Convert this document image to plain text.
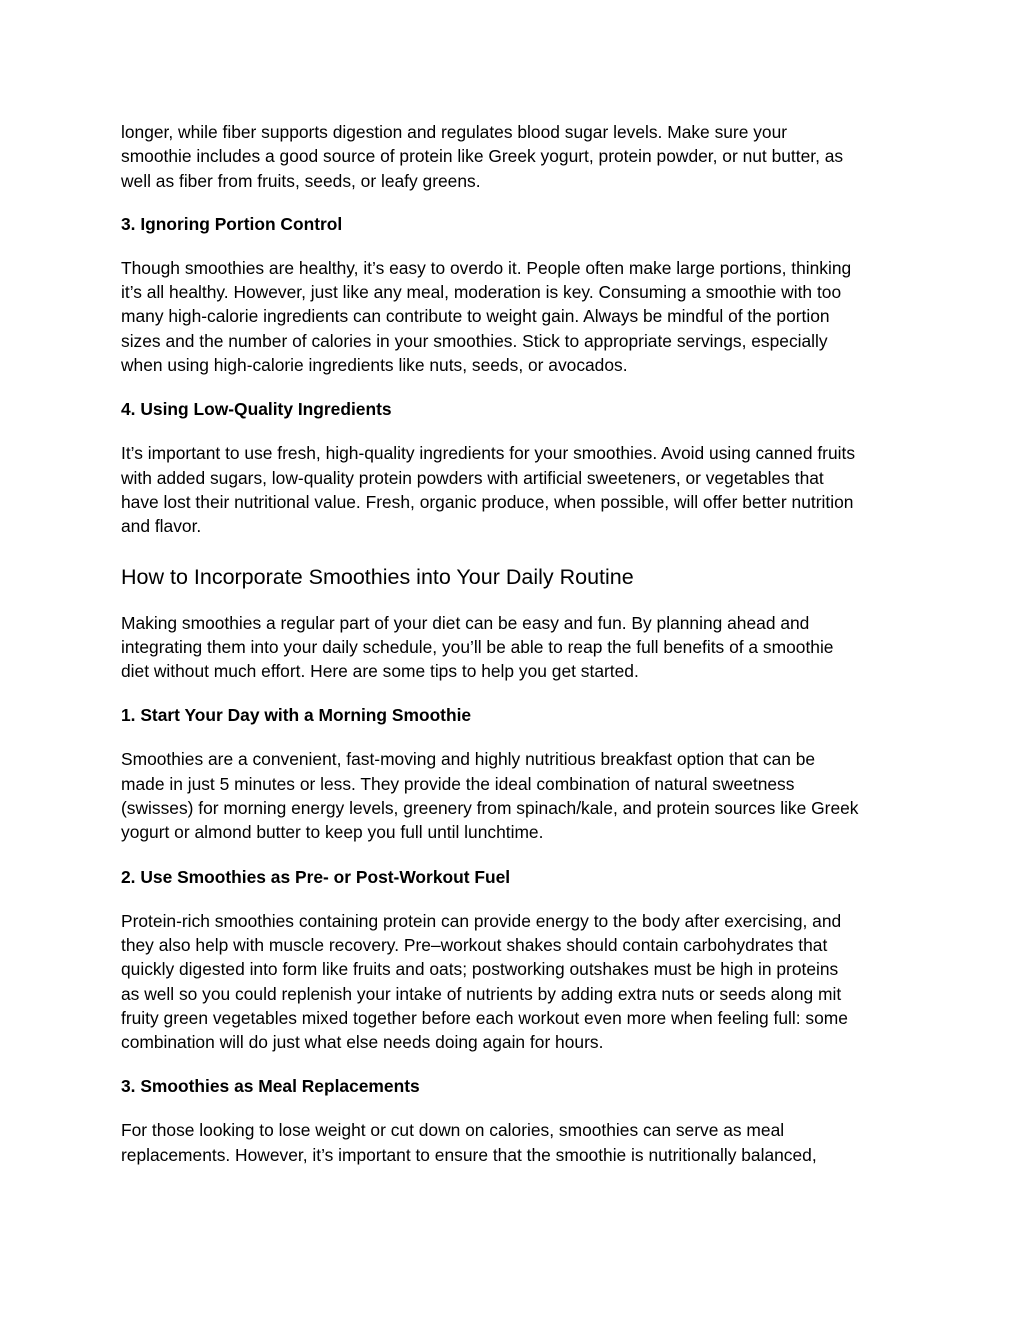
longer, while fiber supports digestion and regulates blood sugar levels. Make sure your
smoothie includes a good source of protein like Greek yogurt, protein powder, or nut butter, as
well as fiber from fruits, seeds, or leafy greens.

3. Ignoring Portion Control

Though smoothies are healthy, it’s easy to overdo it. People often make large portions, thinking
it’s all healthy. However, just like any meal, moderation is key. Consuming a smoothie with too
many high-calorie ingredients can contribute to weight gain. Always be mindful of the portion
sizes and the number of calories in your smoothies. Stick to appropriate servings, especially
when using high-calorie ingredients like nuts, seeds, or avocados.

4. Using Low-Quality Ingredients

It’s important to use fresh, high-quality ingredients for your smoothies. Avoid using canned fruits
with added sugars, low-quality protein powders with artificial sweeteners, or vegetables that
have lost their nutritional value. Fresh, organic produce, when possible, will offer better nutrition
and flavor.

How to Incorporate Smoothies into Your Daily Routine

Making smoothies a regular part of your diet can be easy and fun. By planning ahead and
integrating them into your daily schedule, you’ll be able to reap the full benefits of a smoothie
diet without much effort. Here are some tips to help you get started.

1. Start Your Day with a Morning Smoothie

Smoothies are a convenient, fast-moving and highly nutritious breakfast option that can be
made in just 5 minutes or less. They provide the ideal combination of natural sweetness
(swisses) for morning energy levels, greenery from spinach/kale, and protein sources like Greek
yogurt or almond butter to keep you full until lunchtime.

2. Use Smoothies as Pre- or Post-Workout Fuel

Protein-rich smoothies containing protein can provide energy to the body after exercising, and
they also help with muscle recovery. Pre–workout shakes should contain carbohydrates that
quickly digested into form like fruits and oats; postworking outshakes must be high in proteins
as well so you could replenish your intake of nutrients by adding extra nuts or seeds along mit
fruity green vegetables mixed together before each workout even more when feeling full: some
combination will do just what else needs doing again for hours.

3. Smoothies as Meal Replacements

For those looking to lose weight or cut down on calories, smoothies can serve as meal
replacements. However, it’s important to ensure that the smoothie is nutritionally balanced,
